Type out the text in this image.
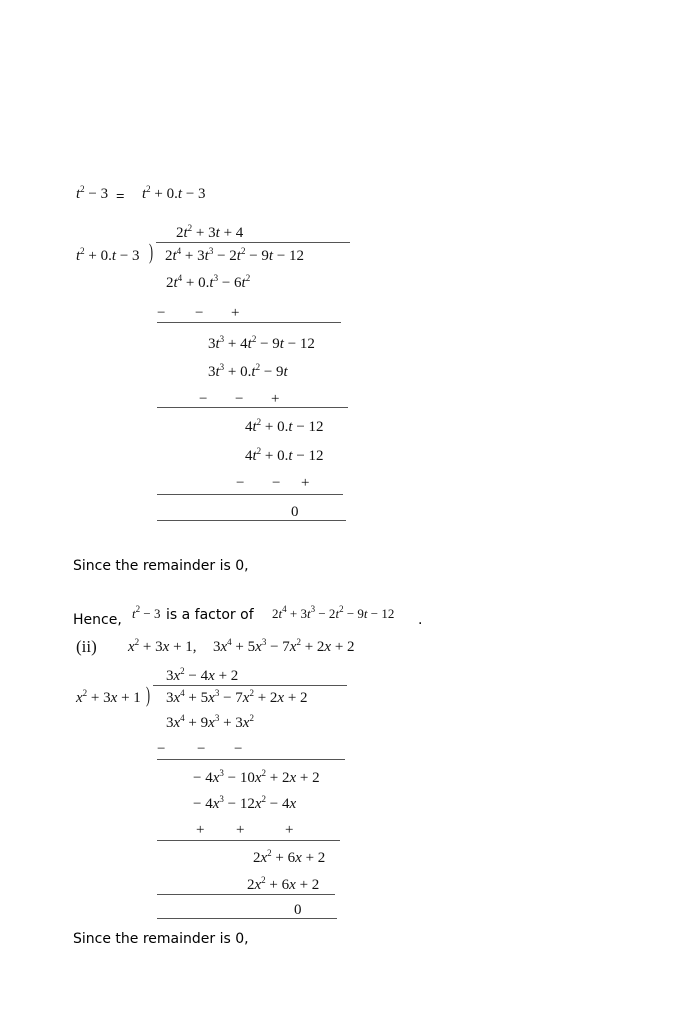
$t^2 - 3 = t^2 + 0.t - 3$
$2t^2 + 3t + 4$
)
$t^2 + 0.t - 3$ $2t^4 + 3t^3 - 2t^2 - 9t - 12$
$2t^4 + 0.t^3 - 6t^2$
− − +
$3t^3 + 4t^2 - 9t - 12$
$3t^3 + 0.t^2 - 9t$
− − +
$4t^2 + 0.t - 12$
$4t^2 + 0.t - 12$
− − +
0
Since the remainder is 0,
Hence, $t^2 - 3$ is a factor of $2t^4 + 3t^3 - 2t^2 - 9t - 12$ .
(ii) $x^2 + 3x + 1$, $3x^4 + 5x^3 - 7x^2 + 2x + 2$
$3x^2 - 4x + 2$
)
$x^2 + 3x + 1$ $3x^4 + 5x^3 - 7x^2 + 2x + 2$
$3x^4 + 9x^3 + 3x^2$
− − −
− $4x^3 - 10x^2 + 2x + 2$
− $4x^3 - 12x^2 - 4x$
+ +	+
$2x^2 + 6x + 2$
$2x^2 + 6x + 2$
0
Since the remainder is 0,
